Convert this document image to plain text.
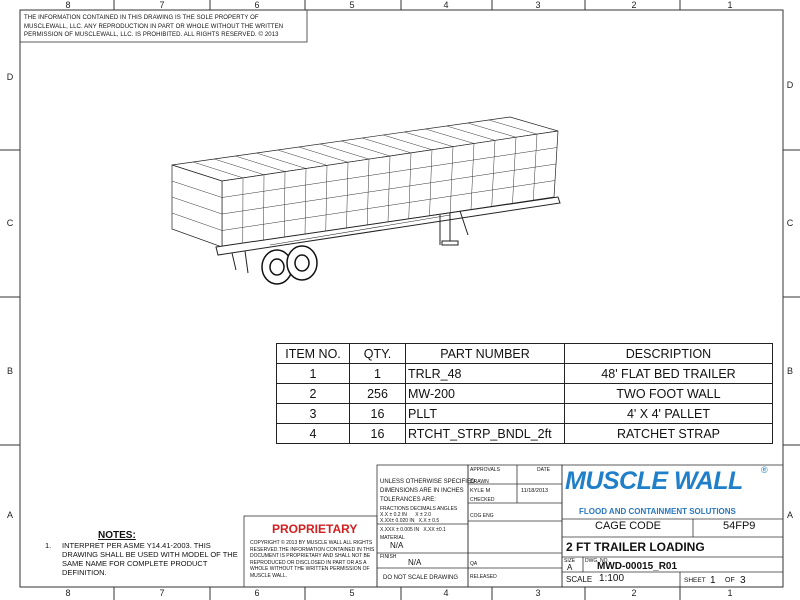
8	7	6	5	4	3	2	1
8	7	6	5	4	3	2	1
D
C
B
A
D
C
B
A
THE INFORMATION CONTAINED IN THIS DRAWING IS THE SOLE PROPERTY OF MUSCLEWALL, LLC. ANY REPRODUCTION IN PART OR WHOLE WITHOUT THE WRITTEN PERMISSION OF MUSCLEWALL, LLC. IS PROHIBITED. ALL RIGHTS RESERVED. © 2013
ITEM NO.	QTY.	PART NUMBER	DESCRIPTION
1	1	TRLR_48	48' FLAT BED TRAILER
2	256	MW-200	TWO FOOT WALL
3	16	PLLT	4' X 4' PALLET
4	16	RTCHT_STRP_BNDL_2ft	RATCHET STRAP
NOTES:
1. INTERPRET PER ASME Y14.41-2003. THIS DRAWING SHALL BE USED WITH MODEL OF THE SAME NAME FOR COMPLETE PRODUCT DEFINITION.
PROPRIETARY
COPYRIGHT © 2013 BY MUSCLE WALL ALL RIGHTS RESERVED.THE INFORMATION CONTAINED IN THIS DOCUMENT IS PROPRIETARY AND SHALL NOT BE REPRODUCED OR DISCLOSED IN PART OR AS A WHOLE WITHOUT THE WRITTEN PERMISSION OF MUSCLE WALL.
UNLESS OTHERWISE SPECIFIED
DIMENSIONS ARE IN INCHES
TOLERANCES ARE:
FRACTIONS DECIMALS ANGLES
X.X ± 0.2 IN      X ± 2.0
X.XX± 0.020 IN   X.X ± 0.5
X.XXX ± 0.005 IN   X.XX ±0.1
MATERIAL
N/A
FINISH
N/A
DO NOT SCALE DRAWING
APPROVALS	DATE
DRAWN
KYLE M	11/18/2013
CHECKED
COG ENG
QA
RELEASED
MUSCLE WALL ®
FLOOD AND CONTAINMENT SOLUTIONS
CAGE CODE	54FP9
2 FT TRAILER LOADING
SIZE
A
DWG. NO.
MWD-00015_R01
SCALE 1:100	SHEET 1 OF 3
